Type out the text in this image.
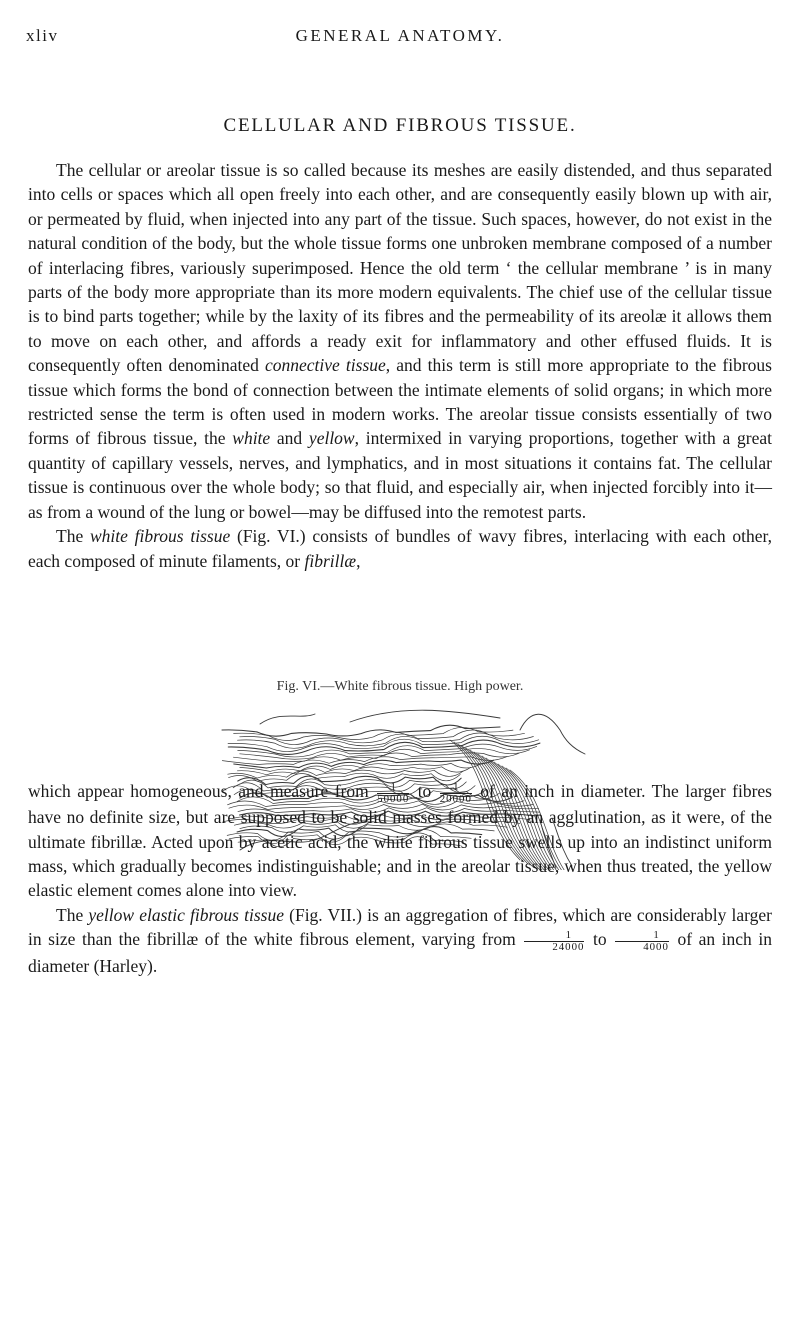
xliv	GENERAL ANATOMY.
CELLULAR AND FIBROUS TISSUE.

The cellular or areolar tissue is so called because its meshes are easily distended, and thus separated into cells or spaces which all open freely into each other, and are consequently easily blown up with air, or permeated by fluid, when injected into any part of the tissue. Such spaces, however, do not exist in the natural condition of the body, but the whole tissue forms one unbroken membrane composed of a number of interlacing fibres, variously superimposed. Hence the old term ‘ the cellular membrane ’ is in many parts of the body more appropriate than its more modern equivalents. The chief use of the cellular tissue is to bind parts together; while by the laxity of its fibres and the permeability of its areolæ it allows them to move on each other, and affords a ready exit for inflammatory and other effused fluids. It is consequently often denominated connective tissue, and this term is still more appropriate to the fibrous tissue which forms the bond of connection between the intimate elements of solid organs; in which more restricted sense the term is often used in modern works. The areolar tissue consists essentially of two forms of fibrous tissue, the white and yellow, intermixed in varying proportions, together with a great quantity of capillary vessels, nerves, and lymphatics, and in most situations it contains fat. The cellular tissue is continuous over the whole body; so that fluid, and especially air, when injected forcibly into it—as from a wound of the lung or bowel—may be diffused into the remotest parts.

The white fibrous tissue (Fig. VI.) consists of bundles of wavy fibres, interlacing with each other, each composed of minute filaments, or fibrillæ,

Fig. VI.—White fibrous tissue. High power.

which appear homogeneous, and measure from $\frac{1}{50000}$ to $\frac{1}{20000}$ of an inch in diameter. The larger fibres have no definite size, but are supposed to be solid masses formed by an agglutination, as it were, of the ultimate fibrillæ. Acted upon by acetic acid, the white fibrous tissue swells up into an indistinct uniform mass, which gradually becomes indistinguishable; and in the areolar tissue, when thus treated, the yellow elastic element comes alone into view.

The yellow elastic fibrous tissue (Fig. VII.) is an aggregation of fibres, which are considerably larger in size than the fibrillæ of the white fibrous element, varying from $\frac{1}{24000}$ to $\frac{1}{4000}$ of an inch in diameter (Harley).
